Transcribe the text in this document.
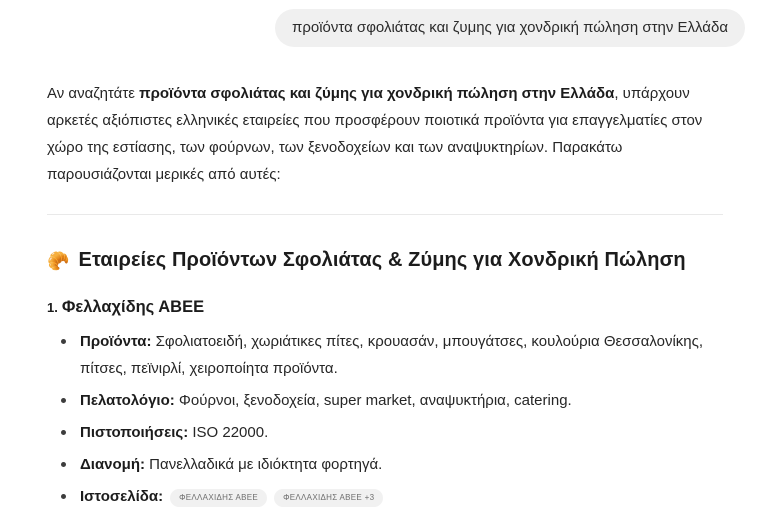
προϊόντα σφολιάτας και ζυμης για χονδρική πώληση στην Ελλάδα

Αν αναζητάτε προϊόντα σφολιάτας και ζύμης για χονδρική πώληση στην Ελλάδα, υπάρχουν αρκετές αξιόπιστες ελληνικές εταιρείες που προσφέρουν ποιοτικά προϊόντα για επαγγελματίες στον χώρο της εστίασης, των φούρνων, των ξενοδοχείων και των αναψυκτηρίων. Παρακάτω παρουσιάζονται μερικές από αυτές:

🥐 Εταιρείες Προϊόντων Σφολιάτας & Ζύμης για Χονδρική Πώληση
1. Φελλαχίδης ΑΒΕΕ
Προϊόντα: Σφολιατοειδή, χωριάτικες πίτες, κρουασάν, μπουγάτσες, κουλούρια Θεσσαλονίκης, πίτσες, πεϊνιρλί, χειροποίητα προϊόντα.
Πελατολόγιο: Φούρνοι, ξενοδοχεία, super market, αναψυκτήρια, catering.
Πιστοποιήσεις: ISO 22000.
Διανομή: Πανελλαδικά με ιδιόκτητα φορτηγά.
Ιστοσελίδα: ΦΕΛΛΑΧΙΔΗΣ ΑΒΕΕ	ΦΕΛΛΑΧΙΔΗΣ ΑΒΕΕ +3
